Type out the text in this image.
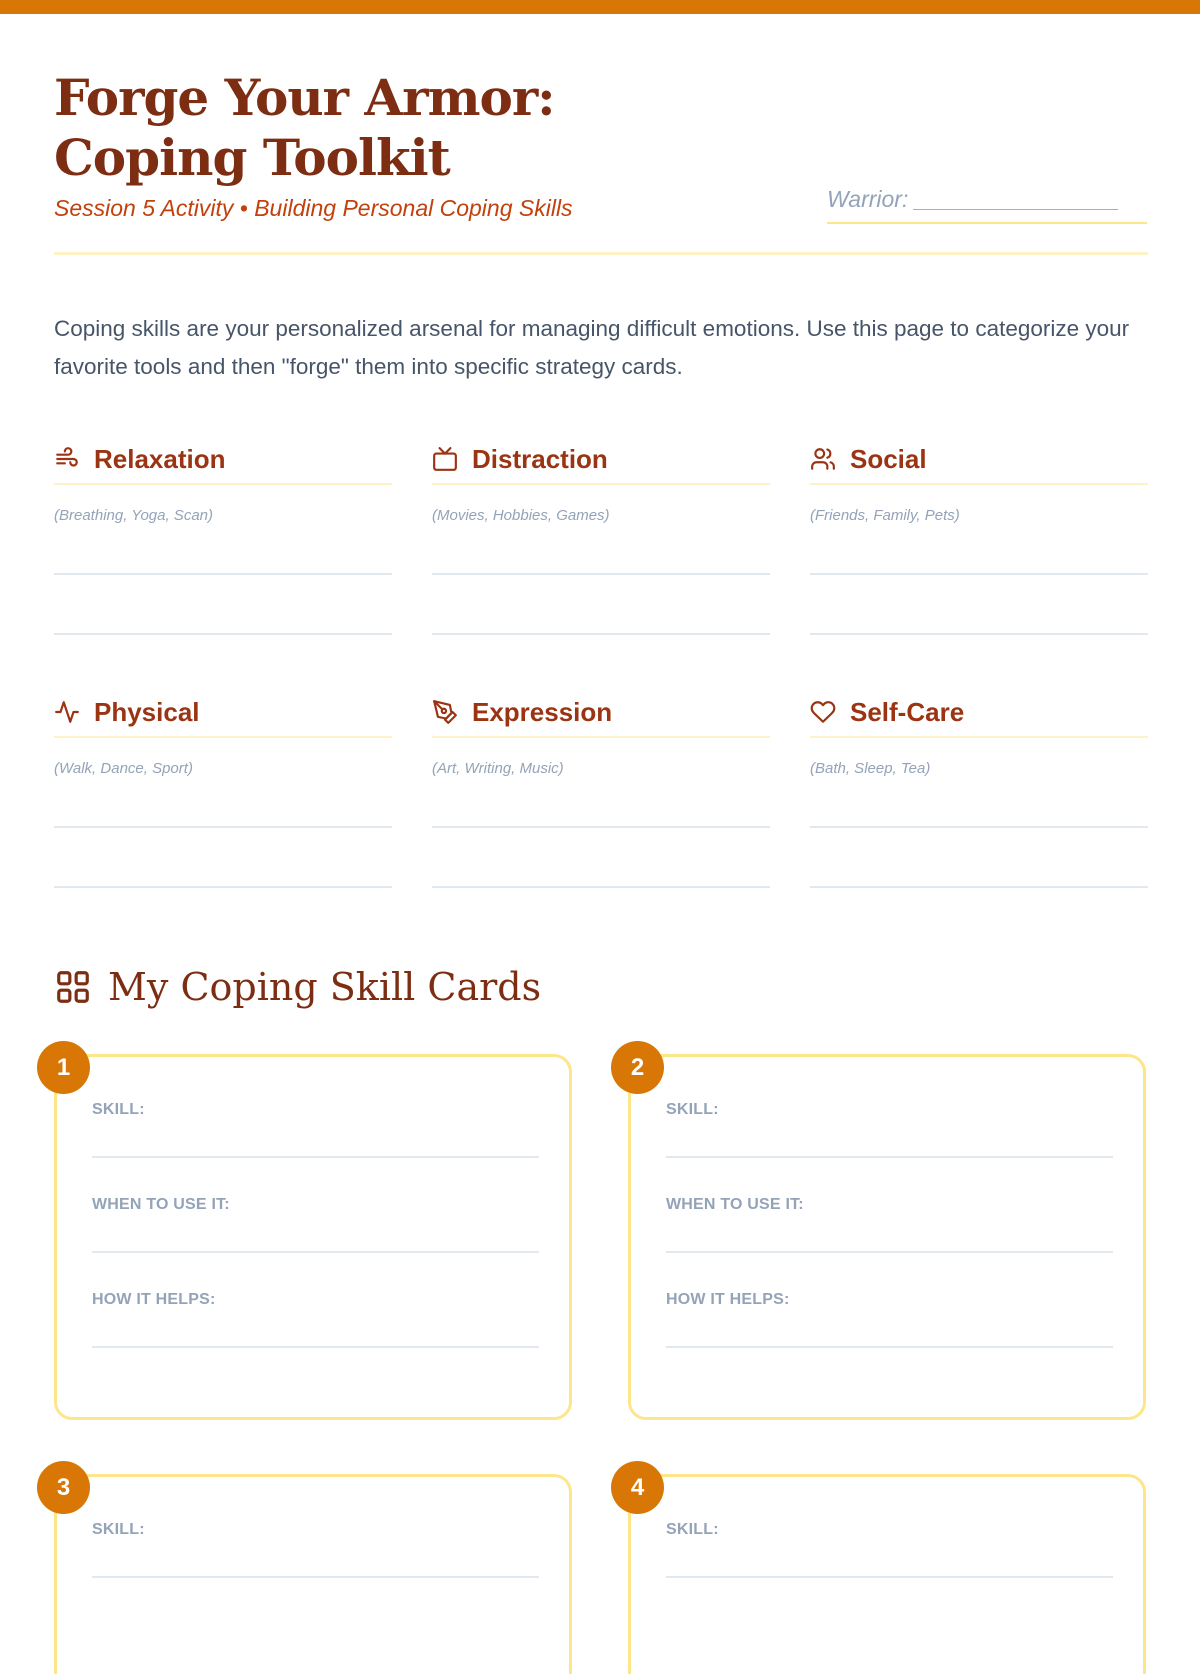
Forge Your Armor: Coping Toolkit
Session 5 Activity • Building Personal Coping Skills	Warrior: ________________

Coping skills are your personalized arsenal for managing difficult emotions. Use this page to categorize your favorite tools and then "forge" them into specific strategy cards.

Relaxation
(Breathing, Yoga, Scan)
Distraction
(Movies, Hobbies, Games)
Social
(Friends, Family, Pets)
Physical
(Walk, Dance, Sport)
Expression
(Art, Writing, Music)
Self-Care
(Bath, Sleep, Tea)
My Coping Skill Cards
1
SKILL:
WHEN TO USE IT:
HOW IT HELPS:
2
SKILL:
WHEN TO USE IT:
HOW IT HELPS:
3
SKILL:
4
SKILL:
